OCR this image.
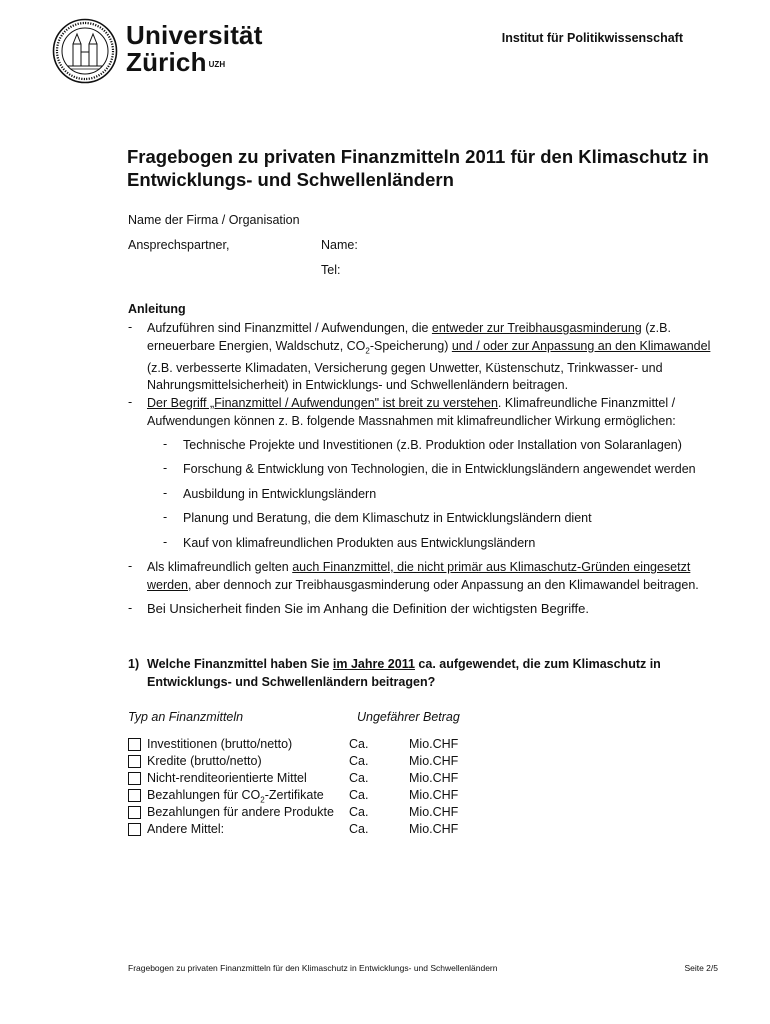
Universität
Zürich $^{UZH}$
Institut für Politikwissenschaft
Fragebogen zu privaten Finanzmitteln 2011 für den Klimaschutz in
Entwicklungs- und Schwellenländern
Name der Firma / Organisation
Ansprechspartner,	Name:
Tel:
Anleitung
- Aufzuführen sind Finanzmittel / Aufwendungen, die entweder zur Treibhausgasminderung (z.B.
erneuerbare Energien, Waldschutz, $CO_2-Speicherung$) und / oder zur Anpassung an den Klimawandel
(z.B. verbesserte Klimadaten, Versicherung gegen Unwetter, Küstenschutz, Trinkwasser- und
Nahrungsmittelsicherheit) in Entwicklungs- und Schwellenländern beitragen.
- Der Begriff „Finanzmittel / Aufwendungen" ist breit zu verstehen. Klimafreundliche Finanzmittel /
Aufwendungen können z. B. folgende Massnahmen mit klimafreundlicher Wirkung ermöglichen:
- Technische Projekte und Investitionen (z.B. Produktion oder Installation von Solaranlagen)
- Forschung & Entwicklung von Technologien, die in Entwicklungsländern angewendet werden
- Ausbildung in Entwicklungsländern
- Planung und Beratung, die dem Klimaschutz in Entwicklungsländern dient
- Kauf von klimafreundlichen Produkten aus Entwicklungsländern
- Als klimafreundlich gelten auch Finanzmittel, die nicht primär aus Klimaschutz-Gründen eingesetzt
werden, aber dennoch zur Treibhausgasminderung oder Anpassung an den Klimawandel beitragen.
- Bei Unsicherheit finden Sie im Anhang die Definition der wichtigsten Begriffe.
1) Welche Finanzmittel haben Sie im Jahre 2011 ca. aufgewendet, die zum Klimaschutz in
Entwicklungs- und Schwellenländern beitragen?
Typ an Finanzmitteln	Ungefährer Betrag
Investitionen (brutto/netto)	Ca.	Mio.CHF
Kredite (brutto/netto)	Ca.	Mio.CHF
Nicht-renditeorientierte Mittel	Ca.	Mio.CHF
Bezahlungen für $CO_2$-Zertifikate Ca.	Mio.CHF
Bezahlungen für andere Produkte Ca.	Mio.CHF
Andere Mittel:	Ca.	Mio.CHF
Fragebogen zu privaten Finanzmitteln für den Klimaschutz in Entwicklungs- und Schwellenländern	Seite 2/5
